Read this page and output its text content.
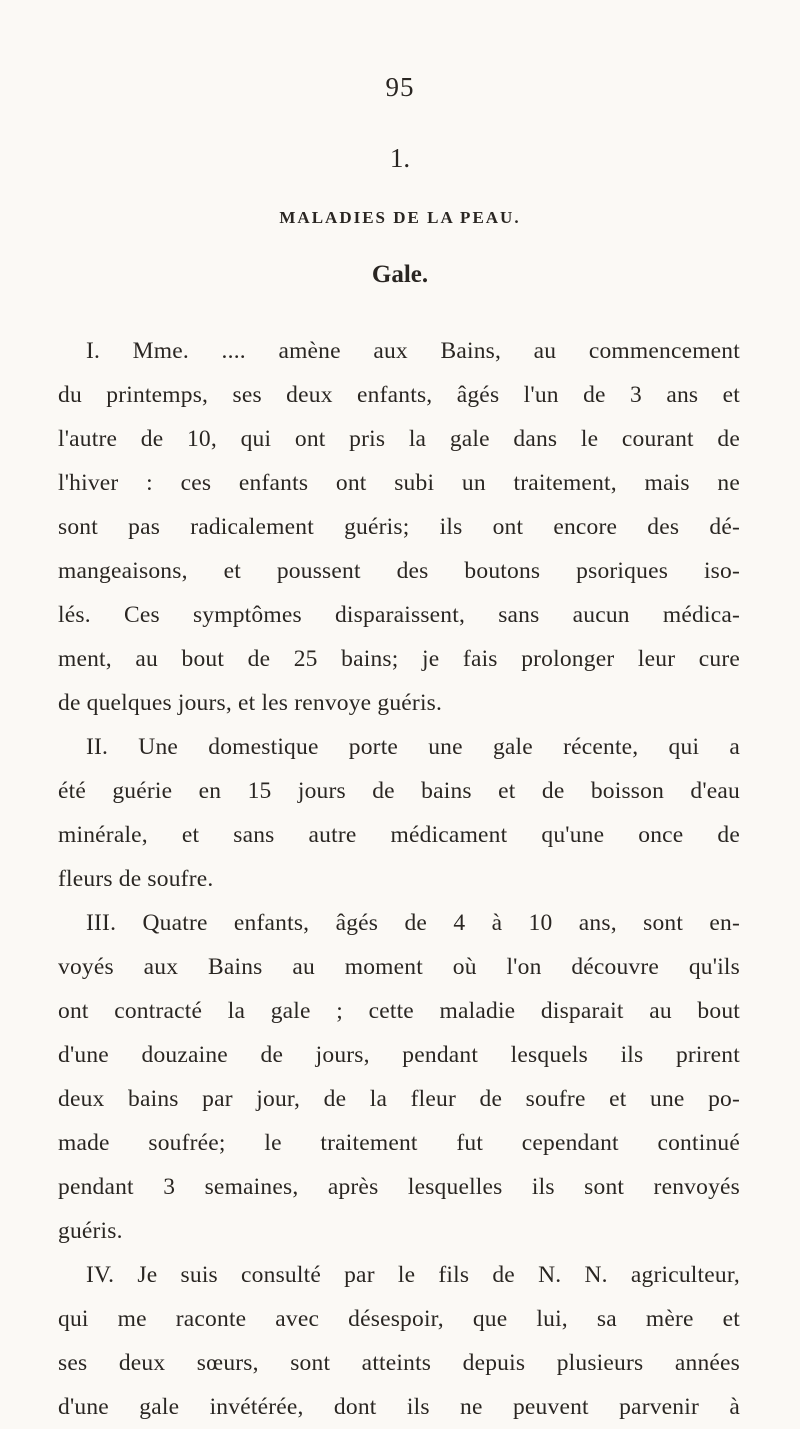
95
1.
MALADIES DE LA PEAU.
Gale.
I. Mme. .... amène aux Bains, au commencement
du printemps, ses deux enfants, âgés l'un de 3 ans et
l'autre de 10, qui ont pris la gale dans le courant de
l'hiver : ces enfants ont subi un traitement, mais ne
sont pas radicalement guéris; ils ont encore des dé-
mangeaisons, et poussent des boutons psoriques iso-
lés. Ces symptômes disparaissent, sans aucun médica-
ment, au bout de 25 bains; je fais prolonger leur cure
de quelques jours, et les renvoye guéris.
II. Une domestique porte une gale récente, qui a
été guérie en 15 jours de bains et de boisson d'eau
minérale, et sans autre médicament qu'une once de
fleurs de soufre.
III. Quatre enfants, âgés de 4 à 10 ans, sont en-
voyés aux Bains au moment où l'on découvre qu'ils
ont contracté la gale ; cette maladie disparait au bout
d'une douzaine de jours, pendant lesquels ils prirent
deux bains par jour, de la fleur de soufre et une po-
made soufrée; le traitement fut cependant continué
pendant 3 semaines, après lesquelles ils sont renvoyés
guéris.
IV. Je suis consulté par le fils de N. N. agriculteur,
qui me raconte avec désespoir, que lui, sa mère et
ses deux sœurs, sont atteints depuis plusieurs années
d'une gale invétérée, dont ils ne peuvent parvenir à
